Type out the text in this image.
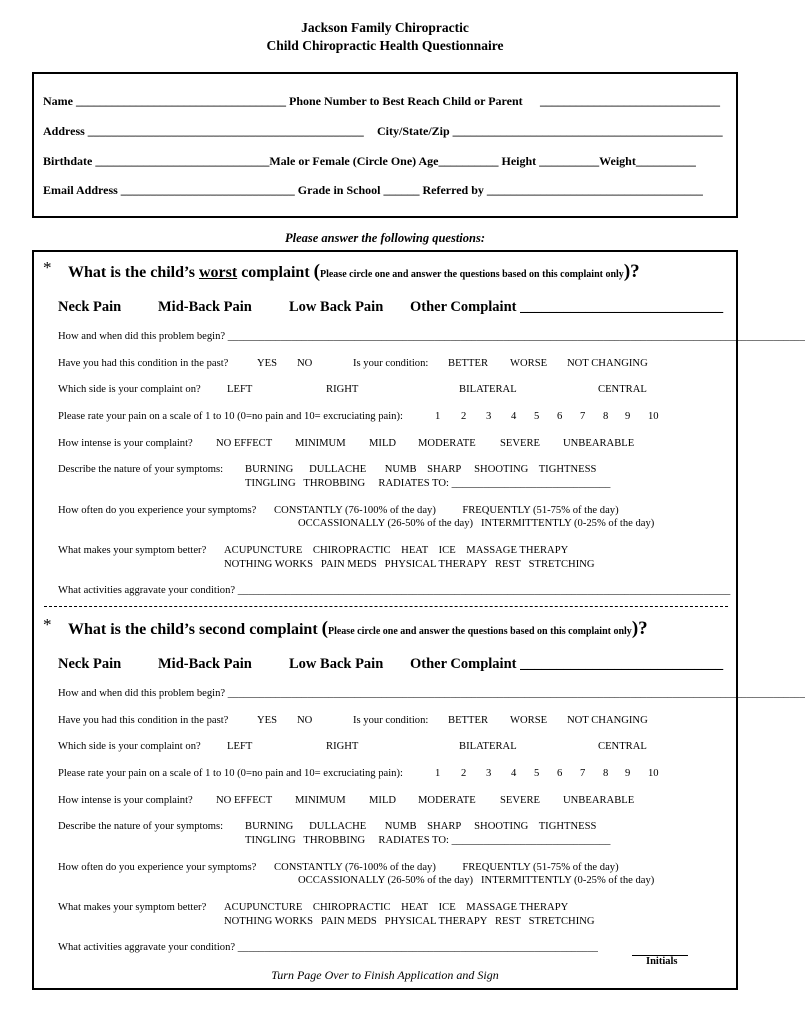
Jackson Family Chiropractic
Child Chiropractic Health Questionnaire
Name ___________________________________ Phone Number to Best Reach Child or Parent ______________________________
Address ______________________________________________ City/State/Zip _____________________________________________
Birthdate _____________________________Male or Female (Circle One) Age__________ Height __________Weight__________
Email Address _____________________________ Grade in School ______ Referred by ____________________________________
Please answer the following questions:
* What is the child’s worst complaint (Please circle one and answer the questions based on this complaint only)?
Neck Pain	Mid-Back Pain	Low Back Pain Other Complaint ____________________________
How and when did this problem begin? _____________________________________________________________________________________________________________
Have you had this condition in the past?	YES NO	Is your condition: BETTER WORSE NOT CHANGING
Which side is your complaint on? LEFT	RIGHT	BILATERAL	CENTRAL
Please rate your pain on a scale of 1 to 10 (0=no pain and 10= excruciating pain):	1 2 3 4 5 6 7 8 9 10
How intense is your complaint? NO EFFECT MINIMUM MILD MODERATE SEVERE UNBEARABLE
Describe the nature of your symptoms: BURNING      DULLACHE       NUMB    SHARP     SHOOTING    TIGHTNESS
TINGLING   THROBBING     RADIATES TO: ______________________________
How often do you experience your symptoms? CONSTANTLY (76-100% of the day)          FREQUENTLY (51-75% of the day)
OCCASSIONALLY (26-50% of the day)   INTERMITTENTLY (0-25% of the day)
What makes your symptom better? ACUPUNCTURE    CHIROPRACTIC    HEAT    ICE    MASSAGE THERAPY
NOTHING WORKS   PAIN MEDS   PHYSICAL THERAPY   REST   STRETCHING
What activities aggravate your condition? _____________________________________________________________________________________________
* What is the child’s second complaint (Please circle one and answer the questions based on this complaint only)?
Neck Pain	Mid-Back Pain	Low Back Pain Other Complaint ____________________________
How and when did this problem begin? _____________________________________________________________________________________________________________
Have you had this condition in the past?	YES NO	Is your condition: BETTER WORSE NOT CHANGING
Which side is your complaint on? LEFT	RIGHT	BILATERAL	CENTRAL
Please rate your pain on a scale of 1 to 10 (0=no pain and 10= excruciating pain):	1 2 3 4 5 6 7 8 9 10
How intense is your complaint? NO EFFECT MINIMUM MILD MODERATE SEVERE UNBEARABLE
Describe the nature of your symptoms: BURNING      DULLACHE       NUMB    SHARP     SHOOTING    TIGHTNESS
TINGLING   THROBBING     RADIATES TO: ______________________________
How often do you experience your symptoms? CONSTANTLY (76-100% of the day)          FREQUENTLY (51-75% of the day)
OCCASSIONALLY (26-50% of the day)   INTERMITTENTLY (0-25% of the day)
What makes your symptom better? ACUPUNCTURE    CHIROPRACTIC    HEAT    ICE    MASSAGE THERAPY
NOTHING WORKS   PAIN MEDS   PHYSICAL THERAPY   REST   STRETCHING
What activities aggravate your condition? ____________________________________________________________________
Initials
Turn Page Over to Finish Application and Sign
